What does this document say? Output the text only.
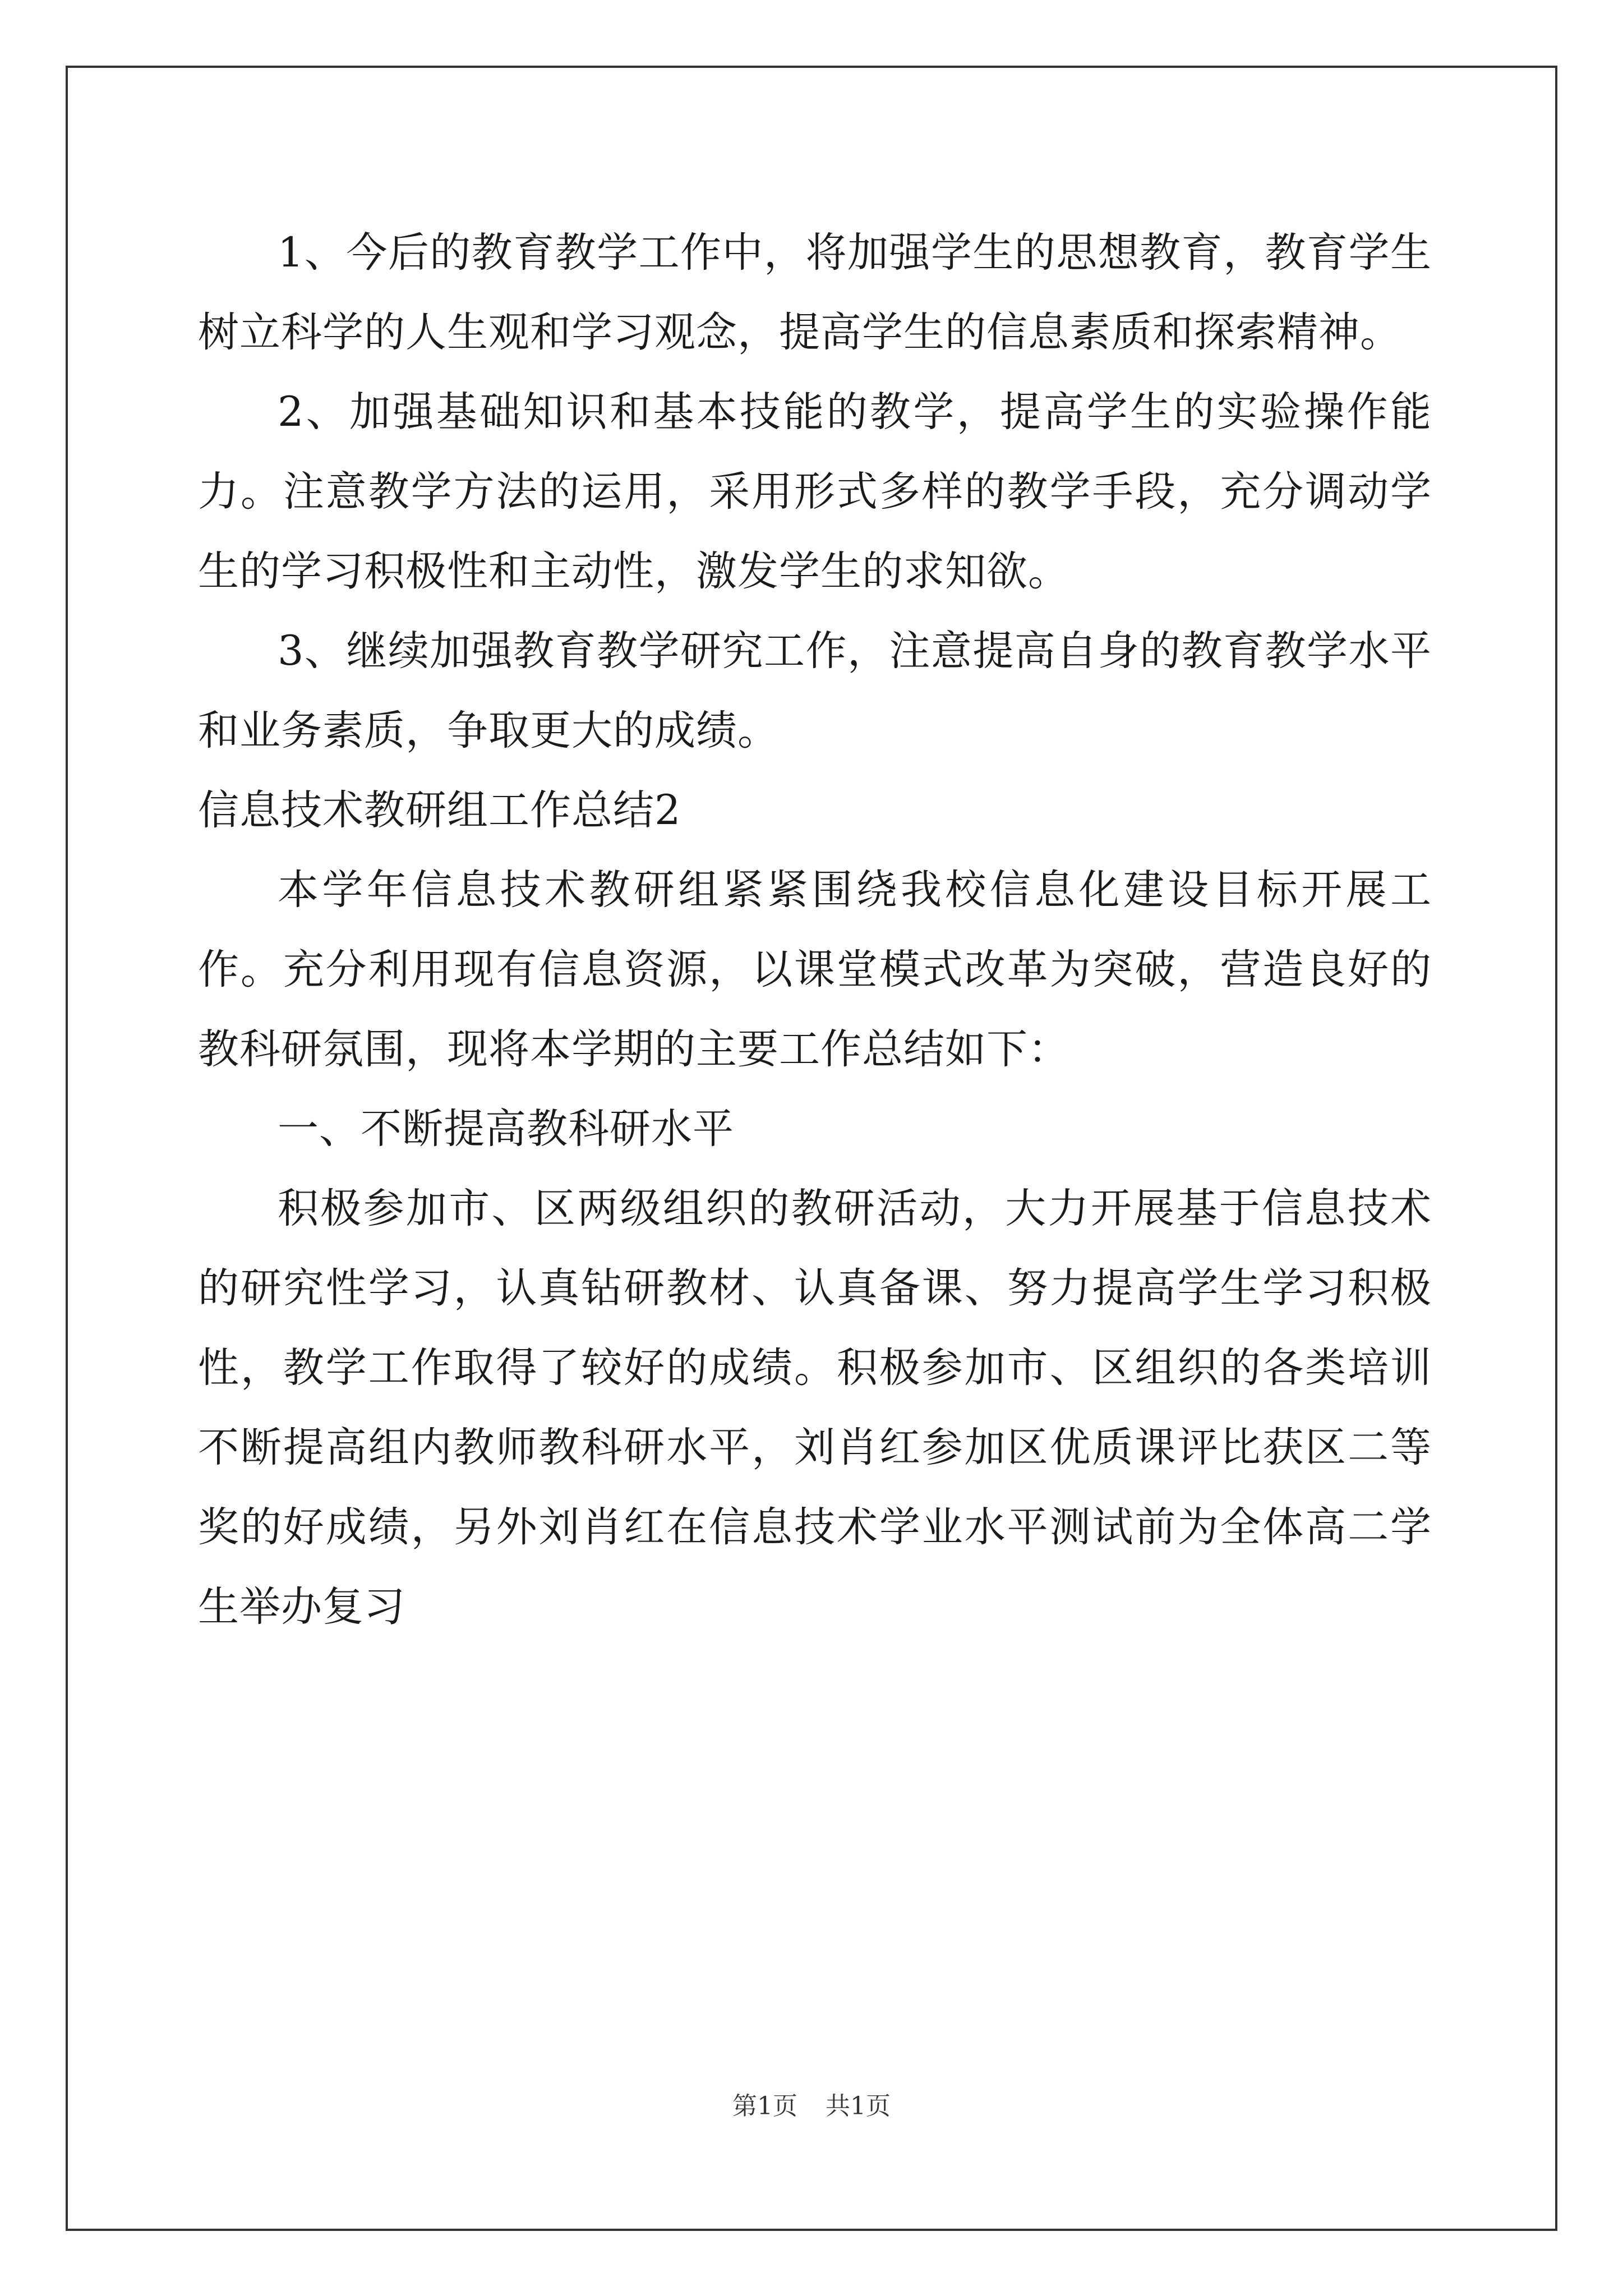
1、今后的教育教学工作中，将加强学生的思想教育，教育学生树立科学的人生观和学习观念，提高学生的信息素质和探索精神。

2、加强基础知识和基本技能的教学，提高学生的实验操作能力。注意教学方法的运用，采用形式多样的教学手段，充分调动学生的学习积极性和主动性，激发学生的求知欲。

3、继续加强教育教学研究工作，注意提高自身的教育教学水平和业务素质，争取更大的成绩。

信息技术教研组工作总结2

本学年信息技术教研组紧紧围绕我校信息化建设目标开展工作。充分利用现有信息资源，以课堂模式改革为突破，营造良好的教科研氛围，现将本学期的主要工作总结如下：

一、不断提高教科研水平

积极参加市、区两级组织的教研活动，大力开展基于信息技术的研究性学习，认真钻研教材、认真备课、努力提高学生学习积极性，教学工作取得了较好的成绩。积极参加市、区组织的各类培训不断提高组内教师教科研水平，刘肖红参加区优质课评比获区二等奖的好成绩，另外刘肖红在信息技术学业水平测试前为全体高二学生举办复习

第1页 共1页
